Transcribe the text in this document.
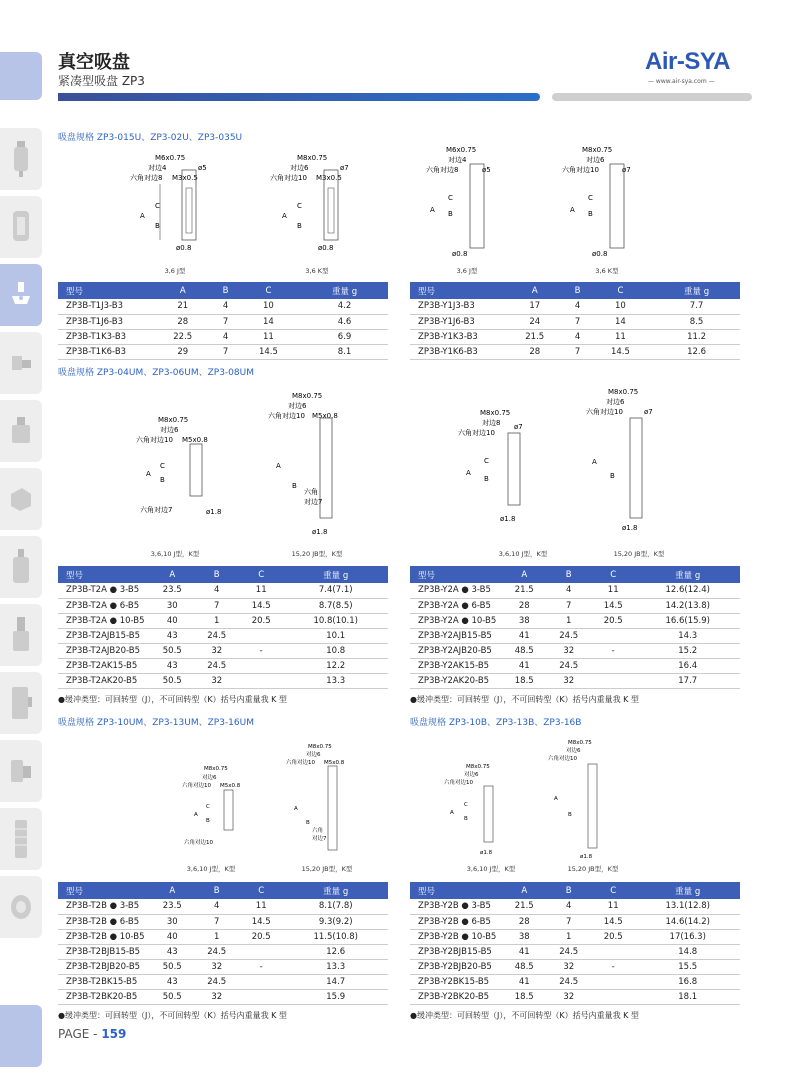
真空吸盘
紧凑型吸盘 ZP3
Air-SYA
— www.air-sya.com —
吸盘规格 ZP3-015U、ZP3-02U、ZP3-035U
M6x0.75
对边4
六角对边8 M3x0.5
ø5
A
B
C
ø0.8
3,6 J型
M8x0.75
对边6
六角对边10 M3x0.5
ø7
A
B
C
ø0.8
3,6 K型
M6x0.75
对边4
六角对边8	ø5
A B
C
ø0.8
3,6 J型
M8x0.75
对边6
六角对边10	ø7
A B
C
ø0.8
3,6 K型
型号	A	B	C	重量 g
ZP3B-T1J3-B3	21	4	10	4.2
ZP3B-T1J6-B3	28	7	14	4.6
ZP3B-T1K3-B3	22.5	4	11	6.9
ZP3B-T1K6-B3	29	7	14.5	8.1
型号	A	B	C	重量 g
ZP3B-Y1J3-B3	17	4	10	7.7
ZP3B-Y1J6-B3	24	7	14	8.5
ZP3B-Y1K3-B3	21.5	4	11	11.2
ZP3B-Y1K6-B3	28	7	14.5	12.6
吸盘规格 ZP3-04UM、ZP3-06UM、ZP3-08UM
M8x0.75
对边6
六角对边10 M5x0.8
A
B
C
六角对边7	ø1.8
3,6,10 J型，K型
M8x0.75
对边6
六角对边10 M5x0.8
A
B
六角
对边7
ø1.8
15,20 JB型，K型
M8x0.75
对边8
六角对边10
ø7
A
B
C
ø1.8
3,6,10 J型，K型
M8x0.75
对边6
六角对边10	ø7
A
B
ø1.8
15,20 JB型，K型
型号	A	B	C	重量 g
ZP3B-T2A ● 3-B5	23.5	4	11	7.4(7.1)
ZP3B-T2A ● 6-B5	30	7	14.5	8.7(8.5)
ZP3B-T2A ● 10-B5	40	1	20.5	10.8(10.1)
ZP3B-T2AJB15-B5	43	24.5		10.1
ZP3B-T2AJB20-B5	50.5	32	-	10.8
ZP3B-T2AK15-B5	43	24.5		12.2
ZP3B-T2AK20-B5	50.5	32		13.3
型号	A	B	C	重量 g
ZP3B-Y2A ● 3-B5	21.5	4	11	12.6(12.4)
ZP3B-Y2A ● 6-B5	28	7	14.5	14.2(13.8)
ZP3B-Y2A ● 10-B5	38	1	20.5	16.6(15.9)
ZP3B-Y2AJB15-B5	41	24.5		14.3
ZP3B-Y2AJB20-B5	48.5	32	-	15.2
ZP3B-Y2AK15-B5	41	24.5		16.4
ZP3B-Y2AK20-B5	18.5	32		17.7
●缓冲类型：可回转型（J），不可回转型（K）括号内重量我 K 型	●缓冲类型：可回转型（J），不可回转型（K）括号内重量我 K 型
吸盘规格 ZP3-10UM、ZP3-13UM、ZP3-16UM	吸盘规格 ZP3-10B、ZP3-13B、ZP3-16B
M8x0.75
对边6
六角对边10 M5x0.8
A
B
C
六角对边10
3,6,10 J型，K型
M8x0.75
对边6
六角对边10 M5x0.8
A
B
六角
对边7
15,20 JB型，K型
M8x0.75
对边6
六角对边10
A
B
C
ø1.8
3,6,10 J型，K型
M8x0.75
对边6
六角对边10
A
B
ø1.8
15,20 JB型，K型
型号	A	B	C	重量 g
ZP3B-T2B ● 3-B5	23.5	4	11	8.1(7.8)
ZP3B-T2B ● 6-B5	30	7	14.5	9.3(9.2)
ZP3B-T2B ● 10-B5	40	1	20.5	11.5(10.8)
ZP3B-T2BJB15-B5	43	24.5		12.6
ZP3B-T2BJB20-B5	50.5	32	-	13.3
ZP3B-T2BK15-B5	43	24.5		14.7
ZP3B-T2BK20-B5	50.5	32		15.9
型号	A	B	C	重量 g
ZP3B-Y2B ● 3-B5	21.5	4	11	13.1(12.8)
ZP3B-Y2B ● 6-B5	28	7	14.5	14.6(14.2)
ZP3B-Y2B ● 10-B5	38	1	20.5	17(16.3)
ZP3B-Y2BJB15-B5	41	24.5		14.8
ZP3B-Y2BJB20-B5	48.5	32	-	15.5
ZP3B-Y2BK15-B5	41	24.5		16.8
ZP3B-Y2BK20-B5	18.5	32		18.1
●缓冲类型：可回转型（J），不可回转型（K）括号内重量我 K 型	●缓冲类型：可回转型（J），不可回转型（K）括号内重量我 K 型
PAGE - 159
